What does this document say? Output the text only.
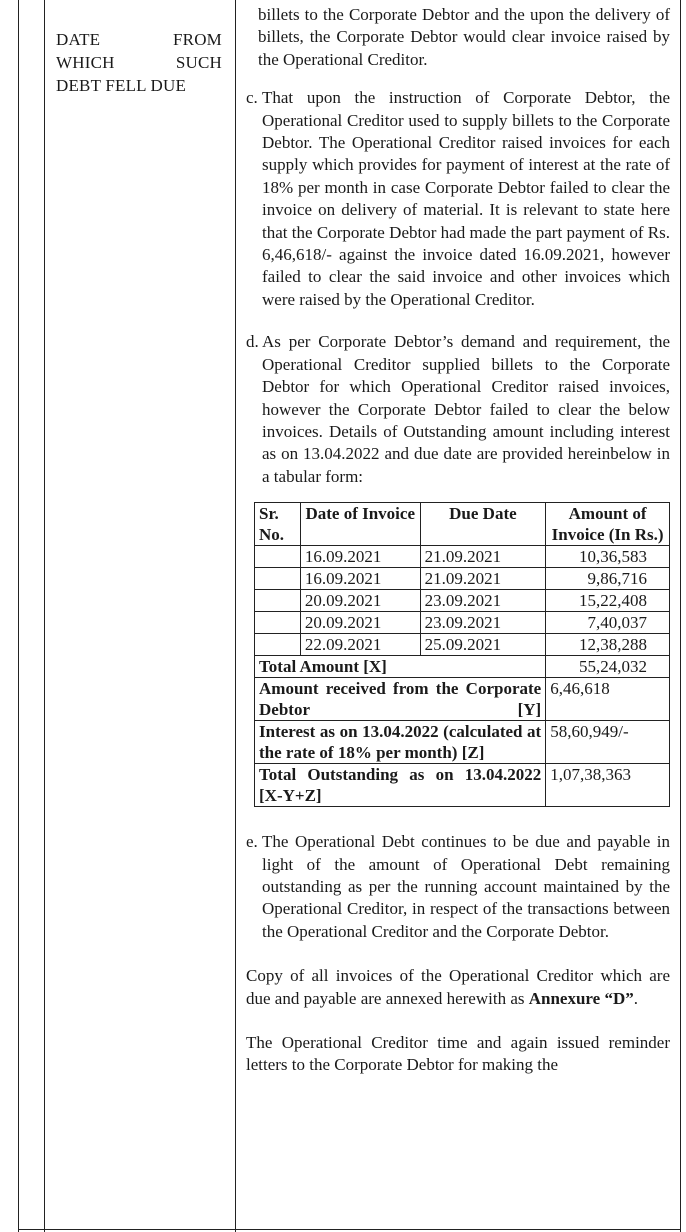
DATE FROM
WHICH SUCH
DEBT FELL DUE

billets to the Corporate Debtor and the upon the delivery of billets, the Corporate Debtor would clear invoice raised by the Operational Creditor.

c. That upon the instruction of Corporate Debtor, the Operational Creditor used to supply billets to the Corporate Debtor. The Operational Creditor raised invoices for each supply which provides for payment of interest at the rate of 18% per month in case Corporate Debtor failed to clear the invoice on delivery of material. It is relevant to state here that the Corporate Debtor had made the part payment of Rs. 6,46,618/- against the invoice dated 16.09.2021, however failed to clear the said invoice and other invoices which were raised by the Operational Creditor.

d. As per Corporate Debtor’s demand and requirement, the Operational Creditor supplied billets to the Corporate Debtor for which Operational Creditor raised invoices, however the Corporate Debtor failed to clear the below invoices. Details of Outstanding amount including interest as on 13.04.2022 and due date are provided hereinbelow in a tabular form:

Sr. No.	Date of Invoice	Due Date	Amount of Invoice (In Rs.)
	16.09.2021	21.09.2021	10,36,583
	16.09.2021	21.09.2021	9,86,716
	20.09.2021	23.09.2021	15,22,408
	20.09.2021	23.09.2021	7,40,037
	22.09.2021	25.09.2021	12,38,288
Total Amount [X]			55,24,032
Amount received from the Corporate Debtor [Y]			6,46,618
Interest as on 13.04.2022 (calculated at the rate of 18% per month) [Z]			58,60,949/-
Total Outstanding as on 13.04.2022 [X-Y+Z]			1,07,38,363
e. The Operational Debt continues to be due and payable in light of the amount of Operational Debt remaining outstanding as per the running account maintained by the Operational Creditor, in respect of the transactions between the Operational Creditor and the Corporate Debtor.

Copy of all invoices of the Operational Creditor which are due and payable are annexed herewith as Annexure “D”.

The Operational Creditor time and again issued reminder letters to the Corporate Debtor for making the
